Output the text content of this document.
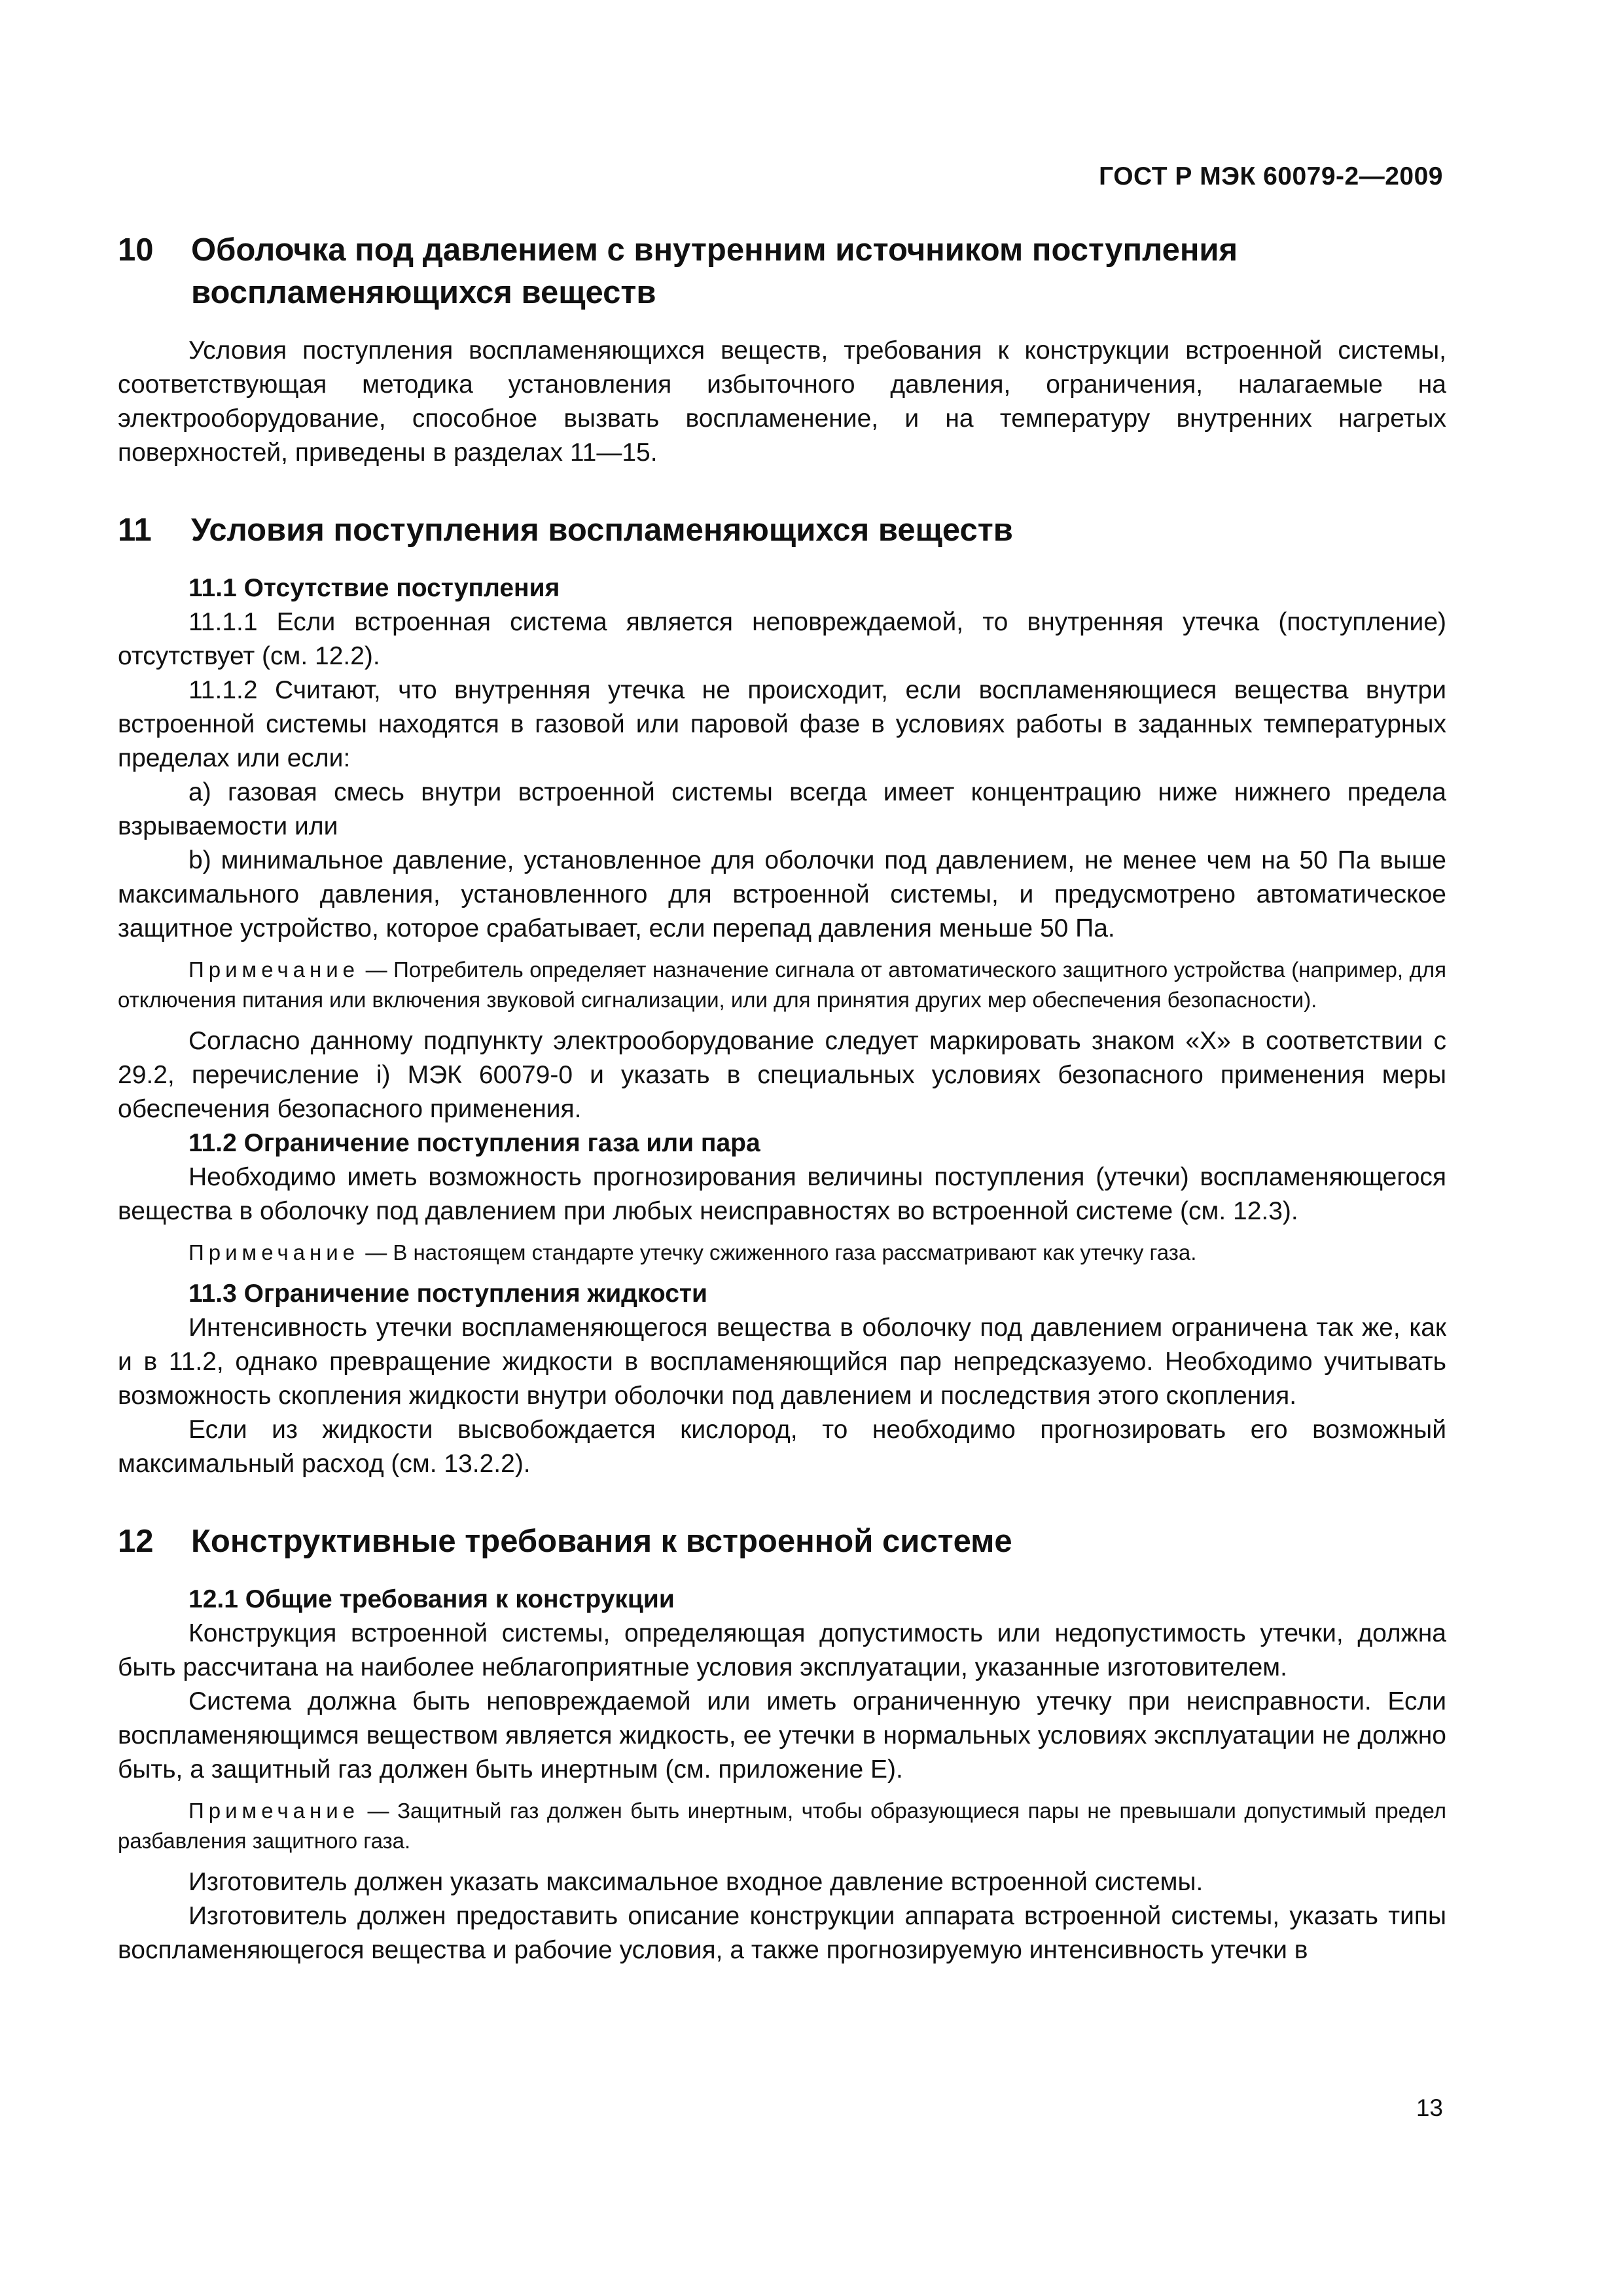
ГОСТ Р МЭК 60079-2—2009
10 Оболочка под давлением с внутренним источником поступления воспламеняющихся веществ

Условия поступления воспламеняющихся веществ, требования к конструкции встроенной системы, соответствующая методика установления избыточного давления, ограничения, налагаемые на электрооборудование, способное вызвать воспламенение, и на температуру внутренних нагретых поверхностей, приведены в разделах 11—15.

11 Условия поступления воспламеняющихся веществ
11.1 Отсутствие поступления

11.1.1 Если встроенная система является неповреждаемой, то внутренняя утечка (поступление) отсутствует (см. 12.2).

11.1.2 Считают, что внутренняя утечка не происходит, если воспламеняющиеся вещества внутри встроенной системы находятся в газовой или паровой фазе в условиях работы в заданных температурных пределах или если:

а) газовая смесь внутри встроенной системы всегда имеет концентрацию ниже нижнего предела взрываемости или

b) минимальное давление, установленное для оболочки под давлением, не менее чем на 50 Па выше максимального давления, установленного для встроенной системы, и предусмотрено автоматическое защитное устройство, которое срабатывает, если перепад давления меньше 50 Па.

Примечание — Потребитель определяет назначение сигнала от автоматического защитного устройства (например, для отключения питания или включения звуковой сигнализации, или для принятия других мер обеспечения безопасности).

Согласно данному подпункту электрооборудование следует маркировать знаком «X» в соответствии с 29.2, перечисление i) МЭК 60079-0 и указать в специальных условиях безопасного применения меры обеспечения безопасного применения.

11.2 Ограничение поступления газа или пара

Необходимо иметь возможность прогнозирования величины поступления (утечки) воспламеняющегося вещества в оболочку под давлением при любых неисправностях во встроенной системе (см. 12.3).

Примечание — В настоящем стандарте утечку сжиженного газа рассматривают как утечку газа.

11.3 Ограничение поступления жидкости

Интенсивность утечки воспламеняющегося вещества в оболочку под давлением ограничена так же, как и в 11.2, однако превращение жидкости в воспламеняющийся пар непредсказуемо. Необходимо учитывать возможность скопления жидкости внутри оболочки под давлением и последствия этого скопления.

Если из жидкости высвобождается кислород, то необходимо прогнозировать его возможный максимальный расход (см. 13.2.2).

12 Конструктивные требования к встроенной системе
12.1 Общие требования к конструкции

Конструкция встроенной системы, определяющая допустимость или недопустимость утечки, должна быть рассчитана на наиболее неблагоприятные условия эксплуатации, указанные изготовителем.

Система должна быть неповреждаемой или иметь ограниченную утечку при неисправности. Если воспламеняющимся веществом является жидкость, ее утечки в нормальных условиях эксплуатации не должно быть, а защитный газ должен быть инертным (см. приложение Е).

Примечание — Защитный газ должен быть инертным, чтобы образующиеся пары не превышали допустимый предел разбавления защитного газа.

Изготовитель должен указать максимальное входное давление встроенной системы.

Изготовитель должен предоставить описание конструкции аппарата встроенной системы, указать типы воспламеняющегося вещества и рабочие условия, а также прогнозируемую интенсивность утечки в

13
